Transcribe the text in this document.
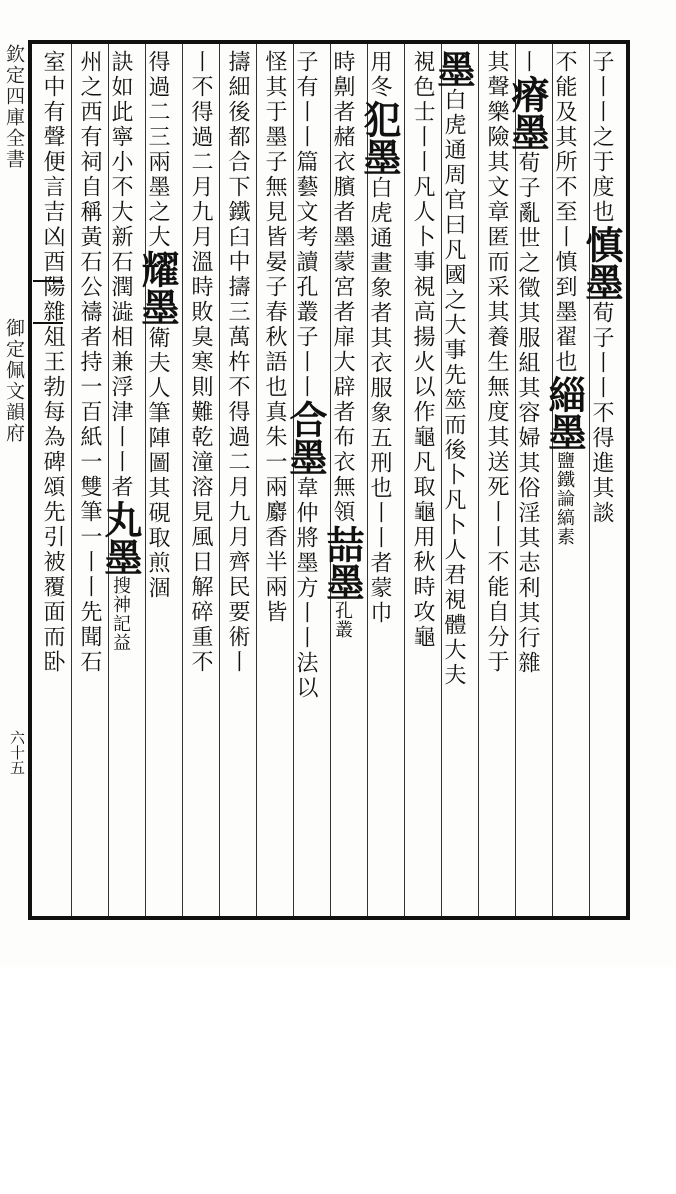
欽定四庫全書
御定佩文韻府
六十五
子丨丨之于度也慎墨荀子丨丨不得進其談
不能及其所不至丨慎到墨翟也緇墨鹽鐵論縞素
丨瘠墨荀子亂世之徵其服組其容婦其俗淫其志利其行雜
其聲樂險其文章匿而采其養生無度其送死丨丨不能自分于
墨白虎通周官曰凡國之大事先筮而後卜凡卜人君視體大夫
視色士丨丨凡人卜事視高揚火以作龜凡取龜用秋時攻龜
用冬犯墨白虎通畫象者其衣服象五刑也丨丨者蒙巾
時劓者赭衣臏者墨蒙宮者扉大辟者布衣無領喆墨孔叢
子有丨丨篇藝文考讀孔叢子丨丨合墨韋仲將墨方丨丨法以
怪其于墨子無見皆晏子春秋語也真朱一兩麝香半兩皆
擣細後都合下鐵臼中擣三萬杵不得過二月九月齊民要術丨
丨不得過二月九月溫時敗臭寒則難乾潼溶見風日解碎重不
得過二三兩墨之大耀墨衛夫人筆陣圖其硯取煎涸
訣如此寧小不大新石潤澁相兼浮津丨丨者丸墨搜神記益
州之西有祠自稱黃石公禱者持一百紙一雙筆一丨丨先聞石
室中有聲便言吉凶酉陽雜俎王勃每為碑頌先引被覆面而卧
